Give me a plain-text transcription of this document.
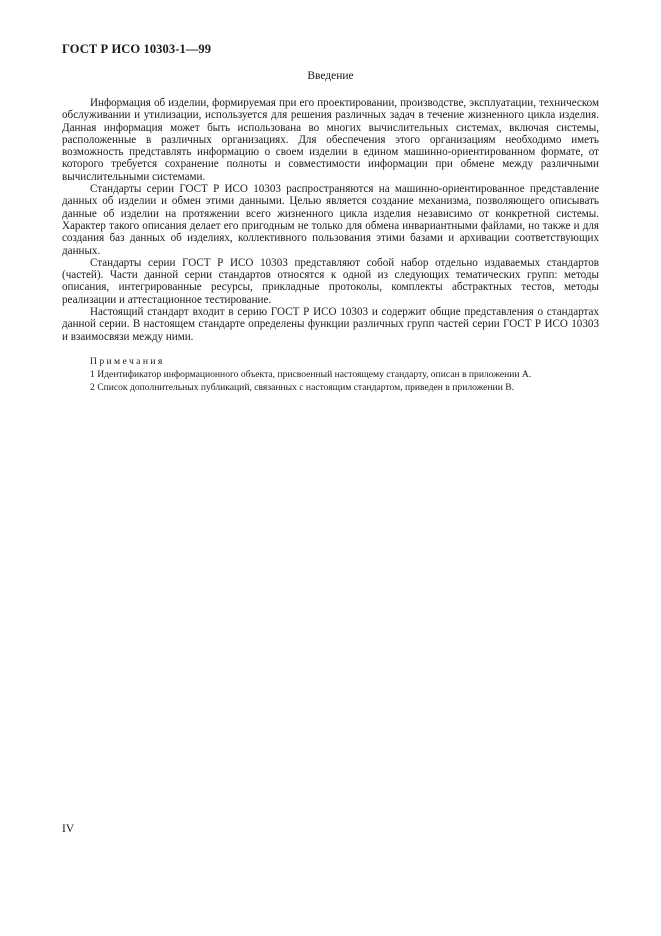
ГОСТ Р ИСО 10303-1—99
Введение

Информация об изделии, формируемая при его проектировании, производстве, эксплуатации, техническом обслуживании и утилизации, используется для решения различных задач в течение жизненного цикла изделия. Данная информация может быть использована во многих вычислительных системах, включая системы, расположенные в различных организациях. Для обеспечения этого организациям необходимо иметь возможность представлять информацию о своем изделии в едином машинно-ориентированном формате, от которого требуется сохранение полноты и совместимости информации при обмене между различными вычислительными системами.

Стандарты серии ГОСТ Р ИСО 10303 распространяются на машинно-ориентированное представление данных об изделии и обмен этими данными. Целью является создание механизма, позволяющего описывать данные об изделии на протяжении всего жизненного цикла изделия независимо от конкретной системы. Характер такого описания делает его пригодным не только для обмена инвариантными файлами, но также и для создания баз данных об изделиях, коллективного пользования этими базами и архивации соответствующих данных.

Стандарты серии ГОСТ Р ИСО 10303 представляют собой набор отдельно издаваемых стандартов (частей). Части данной серии стандартов относятся к одной из следующих тематических групп: методы описания, интегрированные ресурсы, прикладные протоколы, комплекты абстрактных тестов, методы реализации и аттестационное тестирование.

Настоящий стандарт входит в серию ГОСТ Р ИСО 10303 и содержит общие представления о стандартах данной серии. В настоящем стандарте определены функции различных групп частей серии ГОСТ Р ИСО 10303 и взаимосвязи между ними.

Примечания
1 Идентификатор информационного объекта, присвоенный настоящему стандарту, описан в приложении А.
2 Список дополнительных публикаций, связанных с настоящим стандартом, приведен в приложении В.
IV
